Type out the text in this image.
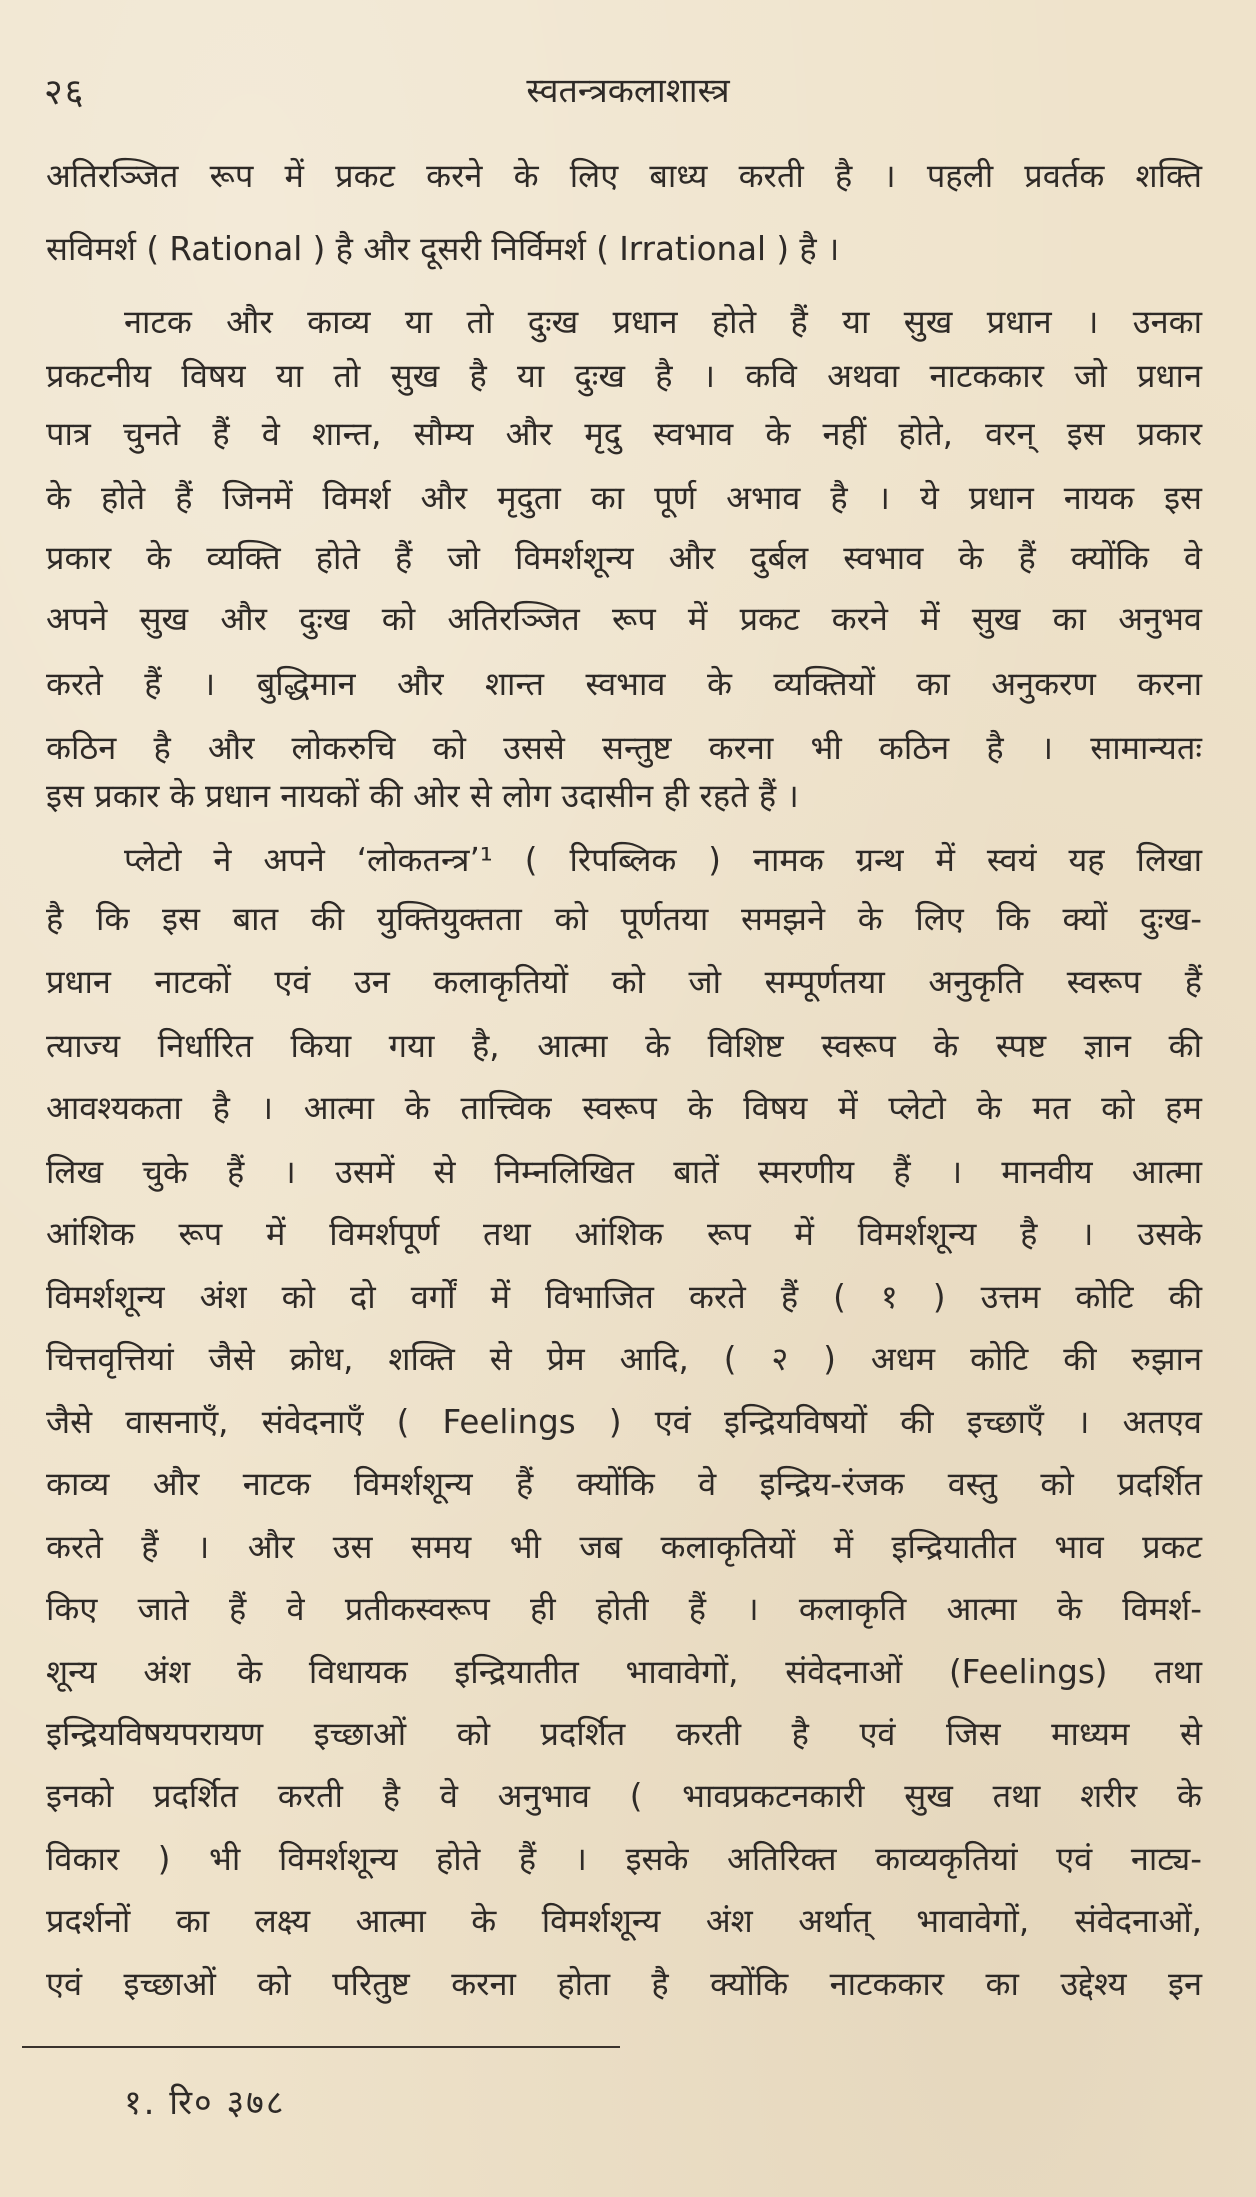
२६	स्वतन्त्रकलाशास्त्र
अतिरञ्जित रूप में प्रकट करने के लिए बाध्य करती है । पहली प्रवर्तक शक्ति
सविमर्श ( Rational ) है और दूसरी निर्विमर्श ( Irrational ) है ।
नाटक और काव्य या तो दुःख प्रधान होते हैं या सुख प्रधान । उनका
प्रकटनीय विषय या तो सुख है या दुःख है । कवि अथवा नाटककार जो प्रधान
पात्र चुनते हैं वे शान्त, सौम्य और मृदु स्वभाव के नहीं होते, वरन् इस प्रकार
के होते हैं जिनमें विमर्श और मृदुता का पूर्ण अभाव है । ये प्रधान नायक इस
प्रकार के व्यक्ति होते हैं जो विमर्शशून्य और दुर्बल स्वभाव के हैं क्योंकि वे
अपने सुख और दुःख को अतिरञ्जित रूप में प्रकट करने में सुख का अनुभव
करते हैं । बुद्धिमान और शान्त स्वभाव के व्यक्तियों का अनुकरण करना
कठिन है और लोकरुचि को उससे सन्तुष्ट करना भी कठिन है । सामान्यतः
इस प्रकार के प्रधान नायकों की ओर से लोग उदासीन ही रहते हैं ।
प्लेटो ने अपने ‘लोकतन्त्र’¹ ( रिपब्लिक ) नामक ग्रन्थ में स्वयं यह लिखा
है कि इस बात की युक्तियुक्तता को पूर्णतया समझने के लिए कि क्यों दुःख-
प्रधान नाटकों एवं उन कलाकृतियों को जो सम्पूर्णतया अनुकृति स्वरूप हैं
त्याज्य निर्धारित किया गया है, आत्मा के विशिष्ट स्वरूप के स्पष्ट ज्ञान की
आवश्यकता है । आत्मा के तात्त्विक स्वरूप के विषय में प्लेटो के मत को हम
लिख चुके हैं । उसमें से निम्नलिखित बातें स्मरणीय हैं । मानवीय आत्मा
आंशिक रूप में विमर्शपूर्ण तथा आंशिक रूप में विमर्शशून्य है । उसके
विमर्शशून्य अंश को दो वर्गों में विभाजित करते हैं ( १ ) उत्तम कोटि की
चित्तवृत्तियां जैसे क्रोध, शक्ति से प्रेम आदि, ( २ ) अधम कोटि की रुझान
जैसे वासनाएँ, संवेदनाएँ ( Feelings ) एवं इन्द्रियविषयों की इच्छाएँ । अतएव
काव्य और नाटक विमर्शशून्य हैं क्योंकि वे इन्द्रिय-रंजक वस्तु को प्रदर्शित
करते हैं । और उस समय भी जब कलाकृतियों में इन्द्रियातीत भाव प्रकट
किए जाते हैं वे प्रतीकस्वरूप ही होती हैं । कलाकृति आत्मा के विमर्श-
शून्य अंश के विधायक इन्द्रियातीत भावावेगों, संवेदनाओं (Feelings) तथा
इन्द्रियविषयपरायण इच्छाओं को प्रदर्शित करती है एवं जिस माध्यम से
इनको प्रदर्शित करती है वे अनुभाव ( भावप्रकटनकारी सुख तथा शरीर के
विकार ) भी विमर्शशून्य होते हैं । इसके अतिरिक्त काव्यकृतियां एवं नाट्य-
प्रदर्शनों का लक्ष्य आत्मा के विमर्शशून्य अंश अर्थात् भावावेगों, संवेदनाओं,
एवं इच्छाओं को परितुष्ट करना होता है क्योंकि नाटककार का उद्देश्य इन
१. रि० ३७८
